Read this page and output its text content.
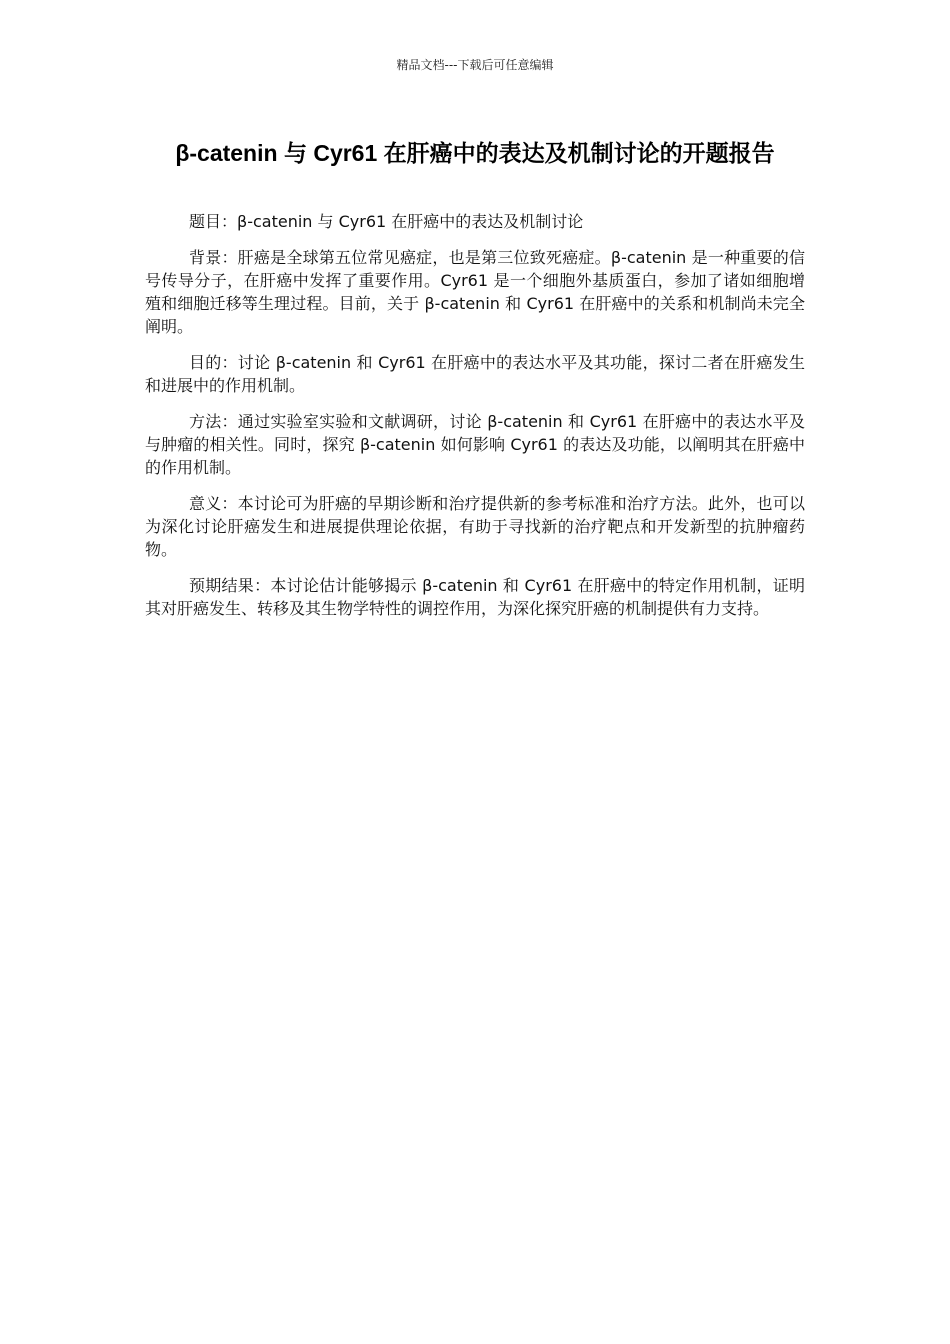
精品文档---下载后可任意编辑
β-catenin 与 Cyr61 在肝癌中的表达及机制讨论的开题报告

题目：β-catenin 与 Cyr61 在肝癌中的表达及机制讨论

背景：肝癌是全球第五位常见癌症，也是第三位致死癌症。β-catenin 是一种重要的信号传导分子，在肝癌中发挥了重要作用。Cyr61 是一个细胞外基质蛋白，参加了诸如细胞增殖和细胞迁移等生理过程。目前，关于 β-catenin 和 Cyr61 在肝癌中的关系和机制尚未完全阐明。

目的：讨论 β-catenin 和 Cyr61 在肝癌中的表达水平及其功能，探讨二者在肝癌发生和进展中的作用机制。

方法：通过实验室实验和文献调研，讨论 β-catenin 和 Cyr61 在肝癌中的表达水平及与肿瘤的相关性。同时，探究 β-catenin 如何影响 Cyr61 的表达及功能，以阐明其在肝癌中的作用机制。

意义：本讨论可为肝癌的早期诊断和治疗提供新的参考标准和治疗方法。此外，也可以为深化讨论肝癌发生和进展提供理论依据，有助于寻找新的治疗靶点和开发新型的抗肿瘤药物。

预期结果：本讨论估计能够揭示 β-catenin 和 Cyr61 在肝癌中的特定作用机制，证明其对肝癌发生、转移及其生物学特性的调控作用，为深化探究肝癌的机制提供有力支持。
